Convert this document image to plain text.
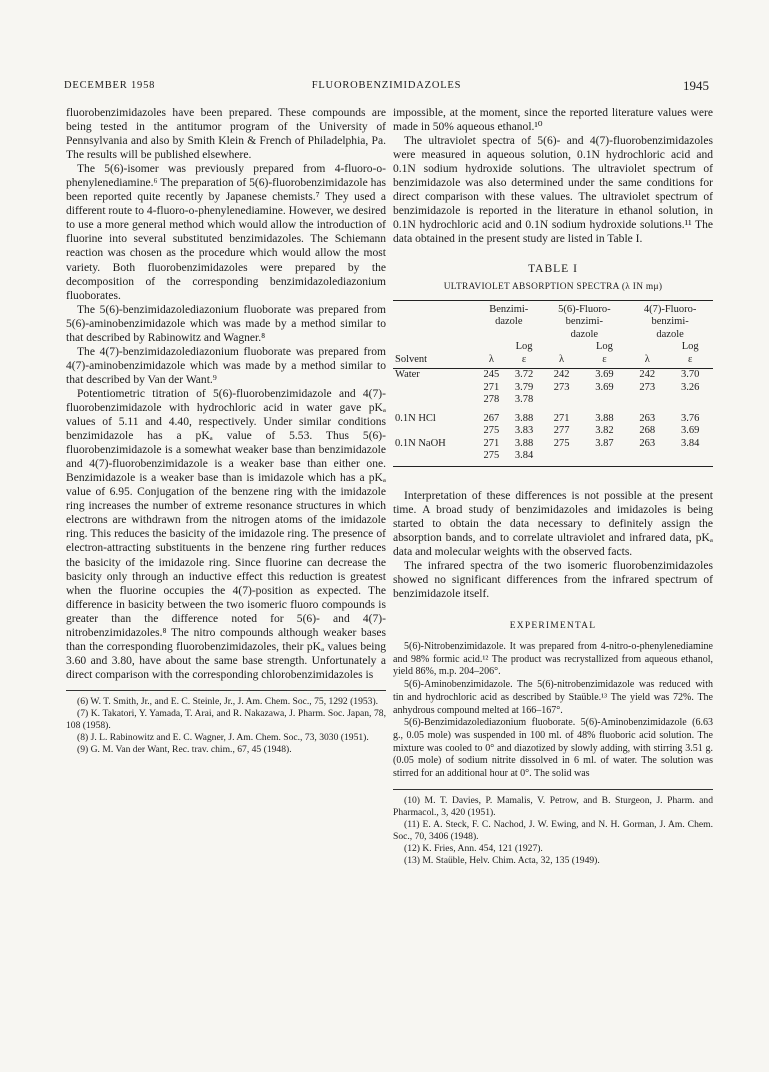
DECEMBER 1958	FLUOROBENZIMIDAZOLES	1945

fluorobenzimidazoles have been prepared. These compounds are being tested in the antitumor program of the University of Pennsylvania and also by Smith Klein & French of Philadelphia, Pa. The results will be published elsewhere.

The 5(6)-isomer was previously prepared from 4-fluoro-o-phenylenediamine.⁶ The preparation of 5(6)-fluorobenzimidazole has been reported quite recently by Japanese chemists.⁷ They used a different route to 4-fluoro-o-phenylenediamine. However, we desired to use a more general method which would allow the introduction of fluorine into several substituted benzimidazoles. The Schiemann reaction was chosen as the procedure which would allow the most variety. Both fluorobenzimidazoles were prepared by the decomposition of the corresponding benzimidazolediazonium fluoborates.

The 5(6)-benzimidazolediazonium fluoborate was prepared from 5(6)-aminobenzimidazole which was made by a method similar to that described by Rabinowitz and Wagner.⁸

The 4(7)-benzimidazolediazonium fluoborate was prepared from 4(7)-aminobenzimidazole which was made by a method similar to that described by Van der Want.⁹

Potentiometric titration of 5(6)-fluorobenzimidazole and 4(7)-fluorobenzimidazole with hydrochloric acid in water gave pKₐ values of 5.11 and 4.40, respectively. Under similar conditions benzimidazole has a pKₐ value of 5.53. Thus 5(6)-fluorobenzimidazole is a somewhat weaker base than benzimidazole and 4(7)-fluorobenzimidazole is a weaker base than either one. Benzimidazole is a weaker base than is imidazole which has a pKₐ value of 6.95. Conjugation of the benzene ring with the imidazole ring increases the number of extreme resonance structures in which electrons are withdrawn from the nitrogen atoms of the imidazole ring. This reduces the basicity of the imidazole ring. The presence of electron-attracting substituents in the benzene ring further reduces the basicity of the imidazole ring. Since fluorine can decrease the basicity only through an inductive effect this reduction is greatest when the fluorine occupies the 4(7)-position as expected. The difference in basicity between the two isomeric fluoro compounds is greater than the difference noted for 5(6)- and 4(7)-nitrobenzimidazoles.⁸ The nitro compounds although weaker bases than the corresponding fluorobenzimidazoles, their pKₐ values being 3.60 and 3.80, have about the same base strength. Unfortunately a direct comparison with the corresponding chlorobenzimidazoles is

(6) W. T. Smith, Jr., and E. C. Steinle, Jr., J. Am. Chem. Soc., 75, 1292 (1953).

(7) K. Takatori, Y. Yamada, T. Arai, and R. Nakazawa, J. Pharm. Soc. Japan, 78, 108 (1958).

(8) J. L. Rabinowitz and E. C. Wagner, J. Am. Chem. Soc., 73, 3030 (1951).

(9) G. M. Van der Want, Rec. trav. chim., 67, 45 (1948).

impossible, at the moment, since the reported literature values were made in 50% aqueous ethanol.¹⁰

The ultraviolet spectra of 5(6)- and 4(7)-fluorobenzimidazoles were measured in aqueous solution, 0.1N hydrochloric acid and 0.1N sodium hydroxide solutions. The ultraviolet spectrum of benzimidazole was also determined under the same conditions for direct comparison with these values. The ultraviolet spectrum of benzimidazole is reported in the literature in ethanol solution, in 0.1N hydrochloric acid and 0.1N sodium hydroxide solutions.¹¹ The data obtained in the present study are listed in Table I.

TABLE I
ULTRAVIOLET ABSORPTION SPECTRA (λ IN mμ)
	Benzimi-
dazole		5(6)-Fluoro-
benzimi-
dazole		4(7)-Fluoro-
benzimi-
dazole	
		Log		Log		Log
Solvent	λ	ε	λ	ε	λ	ε
Water	245	3.72	242	3.69	242	3.70
	271	3.79	273	3.69	273	3.26
	278	3.78				
0.1N HCl	267	3.88	271	3.88	263	3.76
	275	3.83	277	3.82	268	3.69
0.1N NaOH	271	3.88	275	3.87	263	3.84
	275	3.84				

Interpretation of these differences is not possible at the present time. A broad study of benzimidazoles and imidazoles is being started to obtain the data necessary to definitely assign the absorption bands, and to correlate ultraviolet and infrared data, pKₐ data and molecular weights with the observed facts.

The infrared spectra of the two isomeric fluorobenzimidazoles showed no significant differences from the infrared spectrum of benzimidazole itself.

EXPERIMENTAL

5(6)-Nitrobenzimidazole. It was prepared from 4-nitro-o-phenylenediamine and 98% formic acid.¹² The product was recrystallized from aqueous ethanol, yield 86%, m.p. 204–206°.

5(6)-Aminobenzimidazole. The 5(6)-nitrobenzimidazole was reduced with tin and hydrochloric acid as described by Staüble.¹³ The yield was 72%. The anhydrous compound melted at 166–167°.

5(6)-Benzimidazolediazonium fluoborate. 5(6)-Aminobenzimidazole (6.63 g., 0.05 mole) was suspended in 100 ml. of 48% fluoboric acid solution. The mixture was cooled to 0° and diazotized by slowly adding, with stirring 3.51 g. (0.05 mole) of sodium nitrite dissolved in 6 ml. of water. The solution was stirred for an additional hour at 0°. The solid was

(10) M. T. Davies, P. Mamalis, V. Petrow, and B. Sturgeon, J. Pharm. and Pharmacol., 3, 420 (1951).

(11) E. A. Steck, F. C. Nachod, J. W. Ewing, and N. H. Gorman, J. Am. Chem. Soc., 70, 3406 (1948).

(12) K. Fries, Ann. 454, 121 (1927).

(13) M. Staüble, Helv. Chim. Acta, 32, 135 (1949).
